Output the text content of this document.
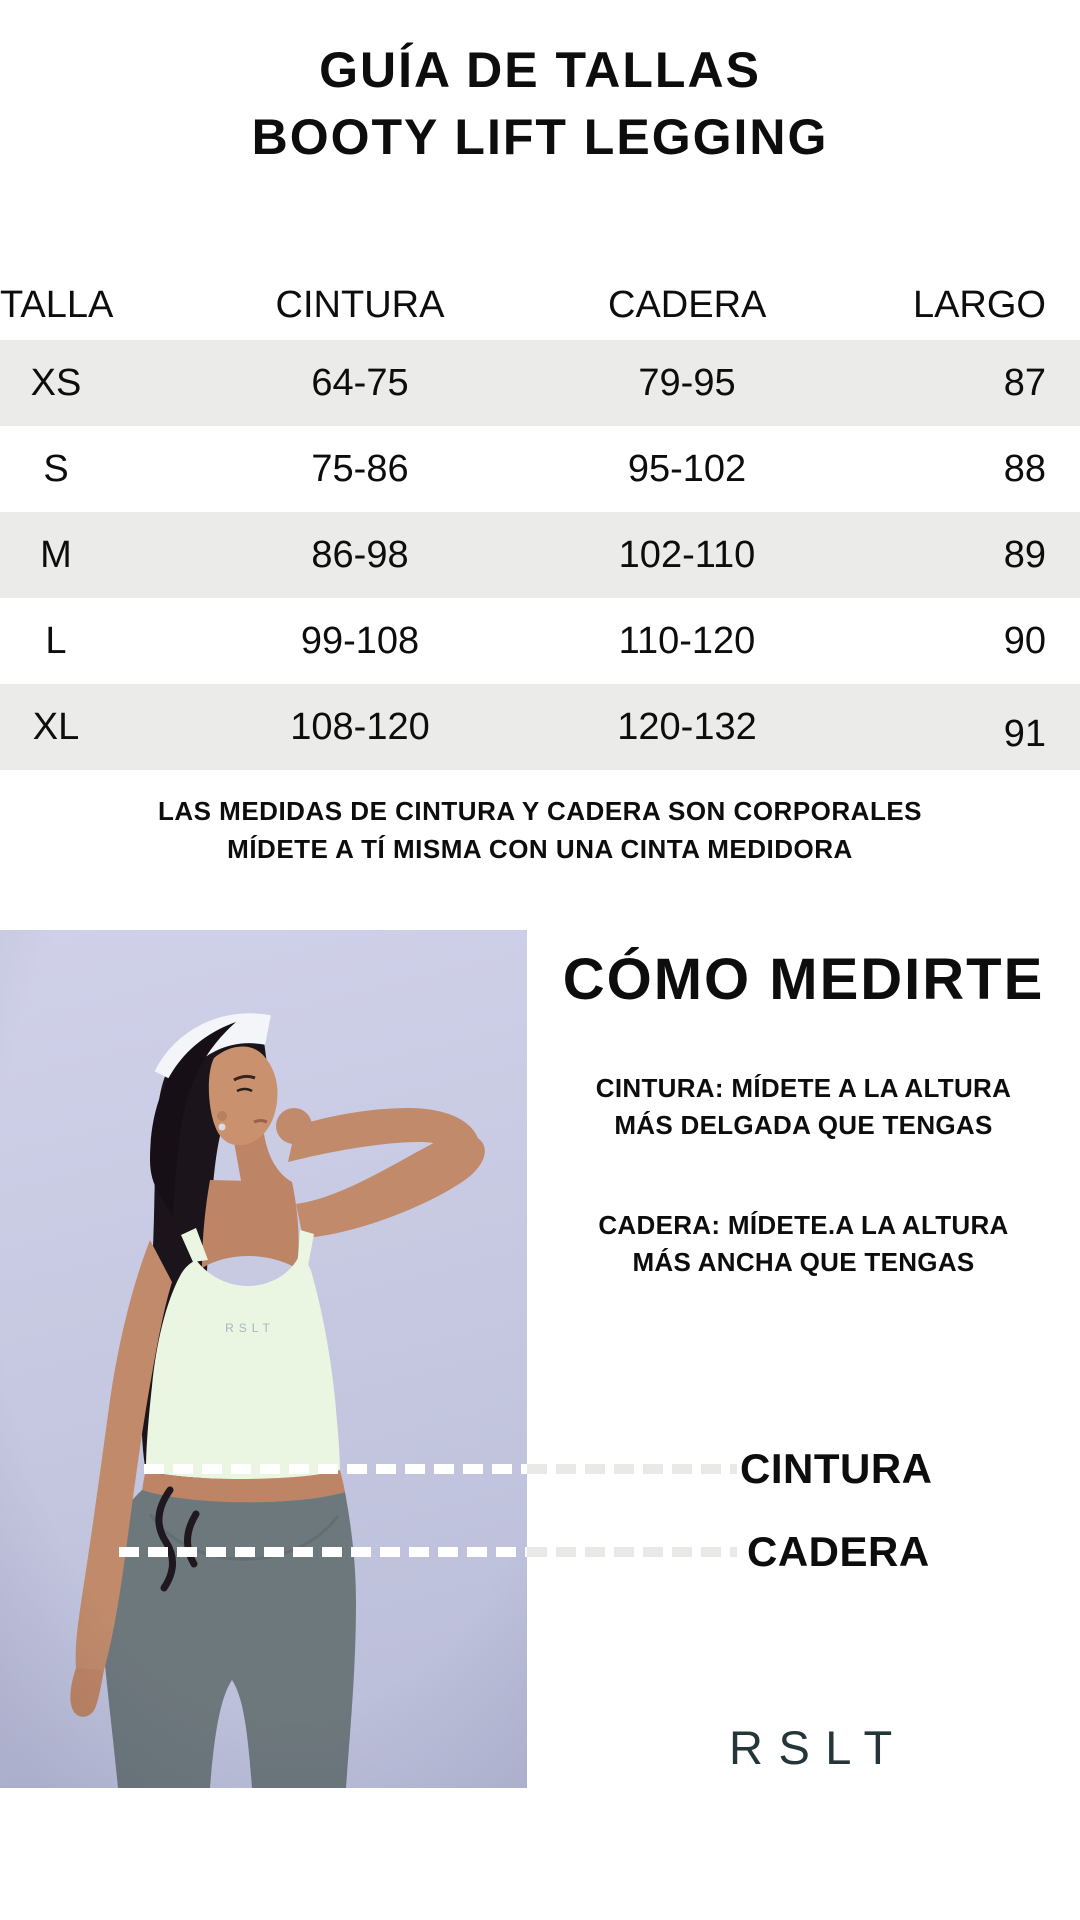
GUÍA DE TALLAS
BOOTY LIFT LEGGING
TALLA	CINTURA	CADERA	LARGO
XS	64-75	79-95	87
S	75-86	95-102	88
M	86-98	102-110	89
L	99-108	110-120	90
XL	108-120	120-132	91
LAS MEDIDAS DE CINTURA Y CADERA SON CORPORALES
MÍDETE A TÍ MISMA CON UNA CINTA MEDIDORA
CÓMO MEDIRTE

CINTURA: MÍDETE A LA ALTURA
MÁS DELGADA QUE TENGAS

CADERA: MÍDETE.A LA ALTURA
MÁS ANCHA QUE TENGAS

CINTURA
CADERA
RSLT
